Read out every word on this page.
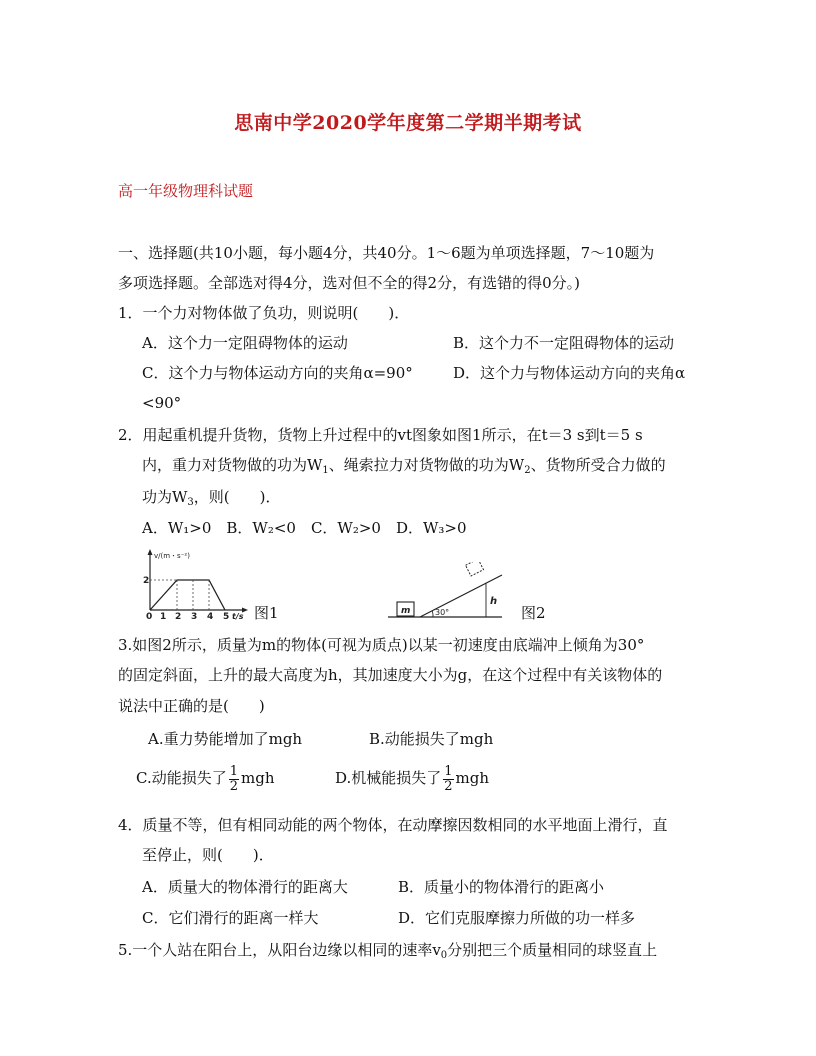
思南中学2020学年度第二学期半期考试
高一年级物理科试题
一、选择题(共10小题，每小题4分，共40分。1～6题为单项选择题，7～10题为
多项选择题。全部选对得4分，选对但不全的得2分，有选错的得0分。)
1．一个力对物体做了负功，则说明(　　)．
A．这个力一定阻碍物体的运动	B．这个力不一定阻碍物体的运动
C．这个力与物体运动方向的夹角α=90°	D．这个力与物体运动方向的夹角α
<90°
2．用起重机提升货物，货物上升过程中的vt图象如图1所示，在t＝3 s到t＝5 s
内，重力对货物做的功为$W_1$、绳索拉力对货物做的功为$W_2$、货物所受合力做的
功为$W_3$，则(　　)．
A．W₁>0　B．W₂<0　C．W₂>0　D．W₃>0
v/(m・s⁻²)
2
0 1 2 3 4 5 t/s 图1	m	30°
h
图2
3.如图2所示，质量为m的物体(可视为质点)以某一初速度由底端冲上倾角为30°
的固定斜面，上升的最大高度为h，其加速度大小为g，在这个过程中有关该物体的
说法中正确的是(　　)
A.重力势能增加了mgh	B.动能损失了mgh
C.动能损失了 $\frac{1}{2}$ mgh	D.机械能损失了 $\frac{1}{2}$ mgh
4．质量不等，但有相同动能的两个物体，在动摩擦因数相同的水平地面上滑行，直
至停止，则(　　)．
A．质量大的物体滑行的距离大	B．质量小的物体滑行的距离小
C．它们滑行的距离一样大	D．它们克服摩擦力所做的功一样多
5.一个人站在阳台上，从阳台边缘以相同的速率$v_0$分别把三个质量相同的球竖直上
